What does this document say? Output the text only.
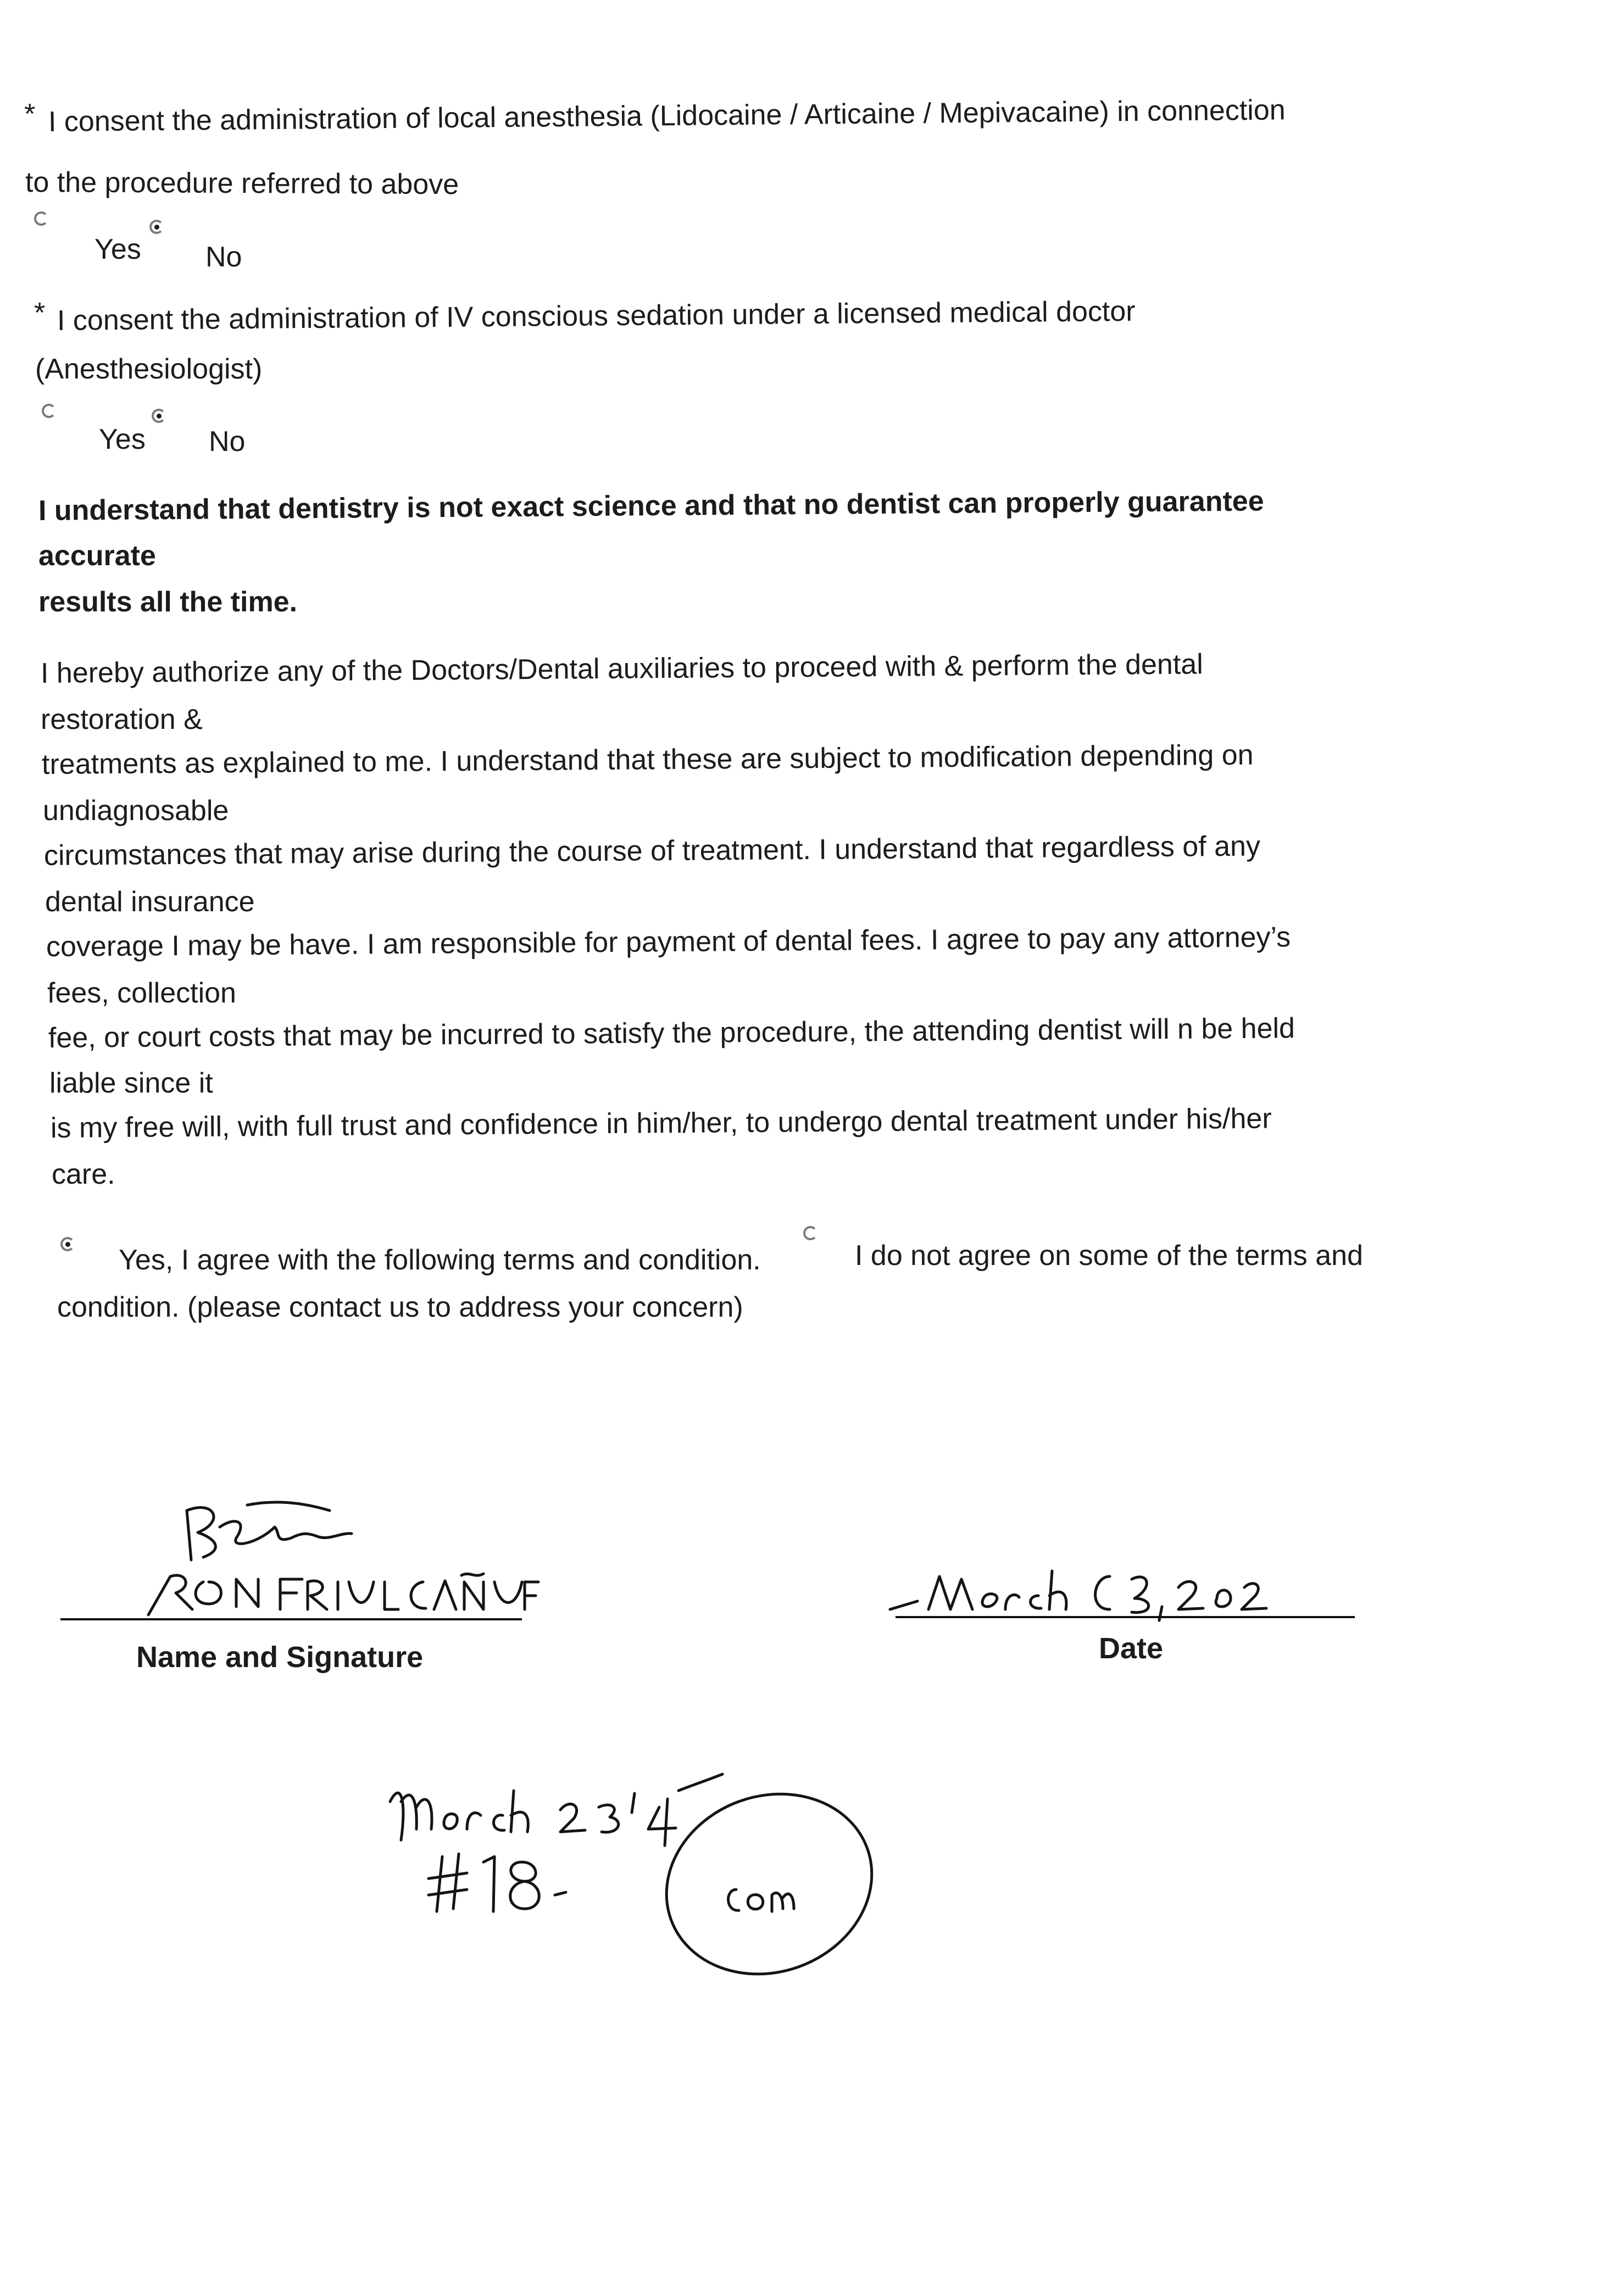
* I consent the administration of local anesthesia (Lidocaine / Articaine / Mepivacaine) in connection
to the procedure referred to above
Yes No
* I consent the administration of IV conscious sedation under a licensed medical doctor
(Anesthesiologist)
Yes No
I understand that dentistry is not exact science and that no dentist can properly guarantee
accurate
results all the time.
I hereby authorize any of the Doctors/Dental auxiliaries to proceed with & perform the dental
restoration &
treatments as explained to me. I understand that these are subject to modification depending on
undiagnosable
circumstances that may arise during the course of treatment. I understand that regardless of any
dental insurance
coverage I may be have. I am responsible for payment of dental fees. I agree to pay any attorney’s
fees, collection
fee, or court costs that may be incurred to satisfy the procedure, the attending dentist will n be held
liable since it
is my free will, with full trust and confidence in him/her, to undergo dental treatment under his/her
care.
Yes, I agree with the following terms and condition.	I do not agree on some of the terms and
condition. (please contact us to address your concern)
Name and Signature	Date
